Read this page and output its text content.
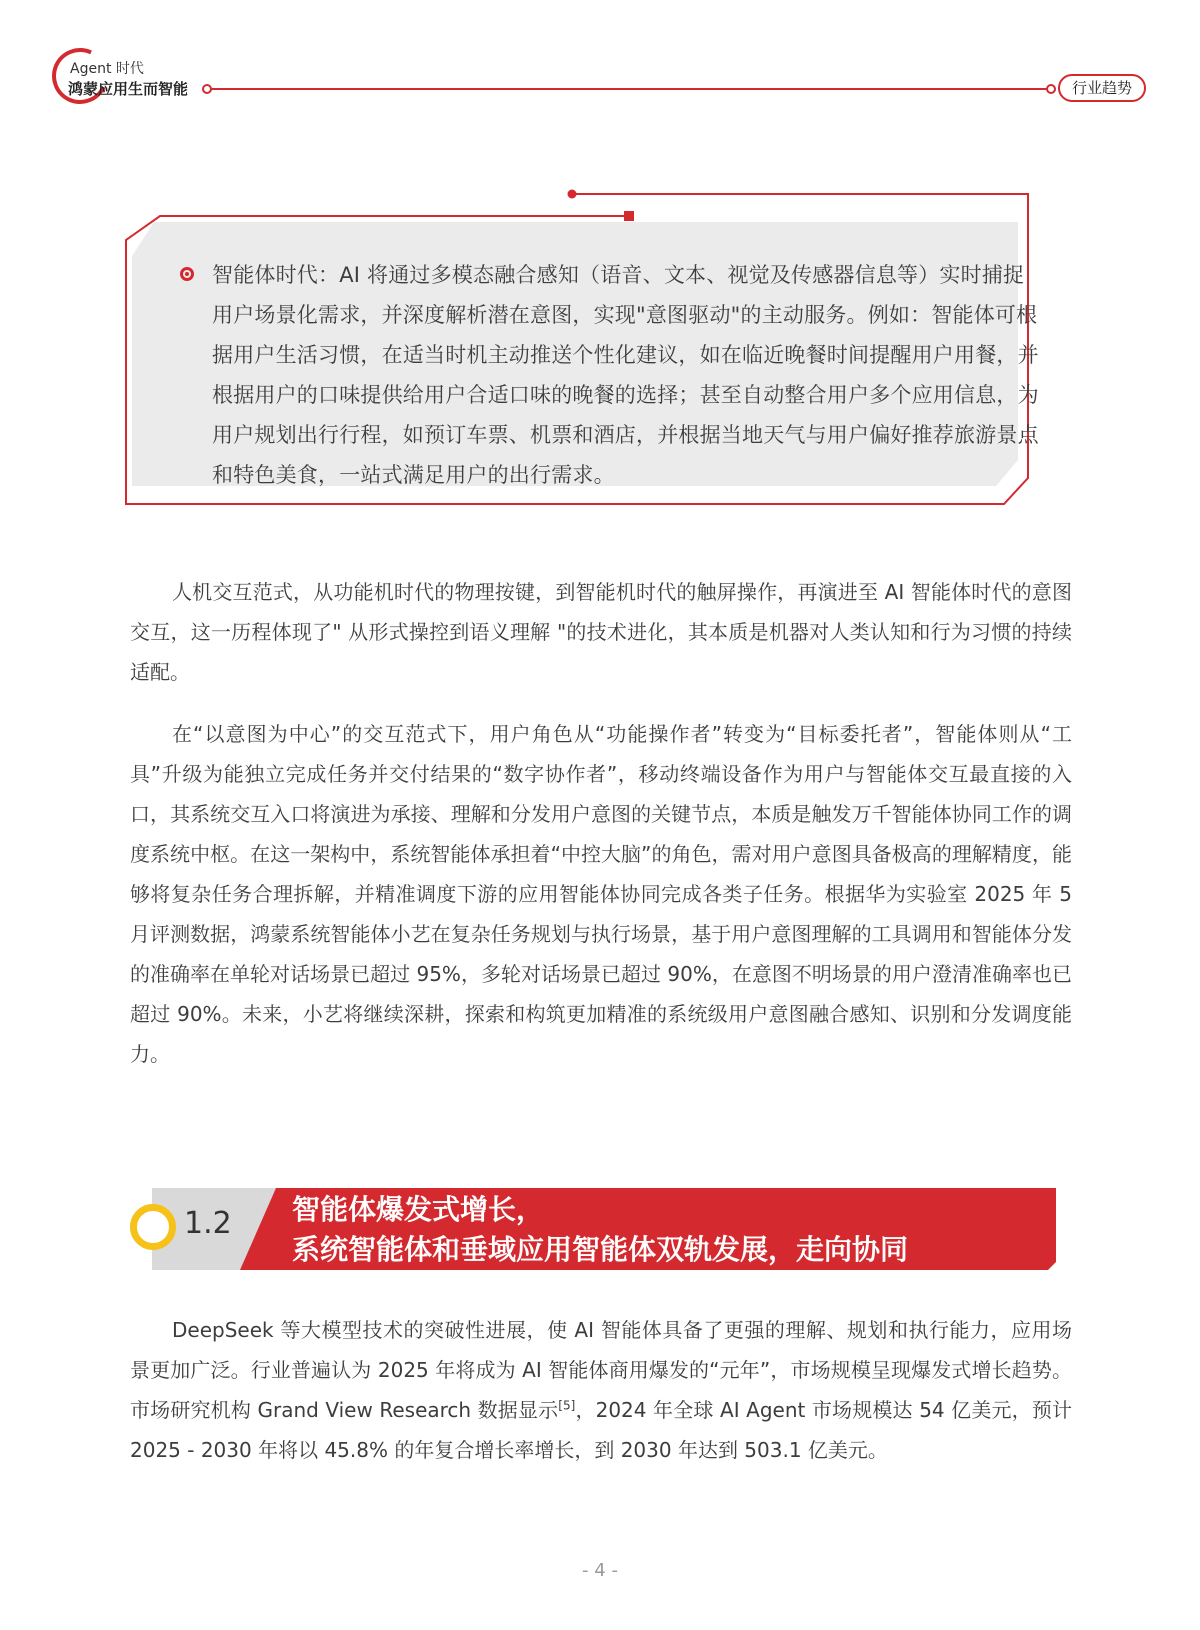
Agent 时代
鸿蒙应用生而智能	行业趋势
智能体时代：AI 将通过多模态融合感知（语音、文本、视觉及传感器信息等）实时捕捉用户场景化需求，并深度解析潜在意图，实现"意图驱动"的主动服务。例如：智能体可根据用户生活习惯，在适当时机主动推送个性化建议，如在临近晚餐时间提醒用户用餐，并根据用户的口味提供给用户合适口味的晚餐的选择；甚至自动整合用户多个应用信息，为用户规划出行行程，如预订车票、机票和酒店，并根据当地天气与用户偏好推荐旅游景点和特色美食，一站式满足用户的出行需求。

人机交互范式，从功能机时代的物理按键，到智能机时代的触屏操作，再演进至 AI 智能体时代的意图交互，这一历程体现了" 从形式操控到语义理解 "的技术进化，其本质是机器对人类认知和行为习惯的持续适配。

在“以意图为中心”的交互范式下，用户角色从“功能操作者”转变为“目标委托者”，智能体则从“工具”升级为能独立完成任务并交付结果的“数字协作者”，移动终端设备作为用户与智能体交互最直接的入口，其系统交互入口将演进为承接、理解和分发用户意图的关键节点，本质是触发万千智能体协同工作的调度系统中枢。在这一架构中，系统智能体承担着“中控大脑”的角色，需对用户意图具备极高的理解精度，能够将复杂任务合理拆解，并精准调度下游的应用智能体协同完成各类子任务。根据华为实验室 2025 年 5 月评测数据，鸿蒙系统智能体小艺在复杂任务规划与执行场景，基于用户意图理解的工具调用和智能体分发的准确率在单轮对话场景已超过 95%，多轮对话场景已超过 90%，在意图不明场景的用户澄清准确率也已超过 90%。未来，小艺将继续深耕，探索和构筑更加精准的系统级用户意图融合感知、识别和分发调度能力。

1.2 智能体爆发式增长，
系统智能体和垂域应用智能体双轨发展，走向协同

DeepSeek 等大模型技术的突破性进展，使 AI 智能体具备了更强的理解、规划和执行能力，应用场景更加广泛。行业普遍认为 2025 年将成为 AI 智能体商用爆发的“元年”，市场规模呈现爆发式增长趋势。市场研究机构 Grand View Research 数据显示[5]，2024 年全球 AI Agent 市场规模达 54 亿美元，预计 2025 - 2030 年将以 45.8% 的年复合增长率增长，到 2030 年达到 503.1 亿美元。

- 4 -
